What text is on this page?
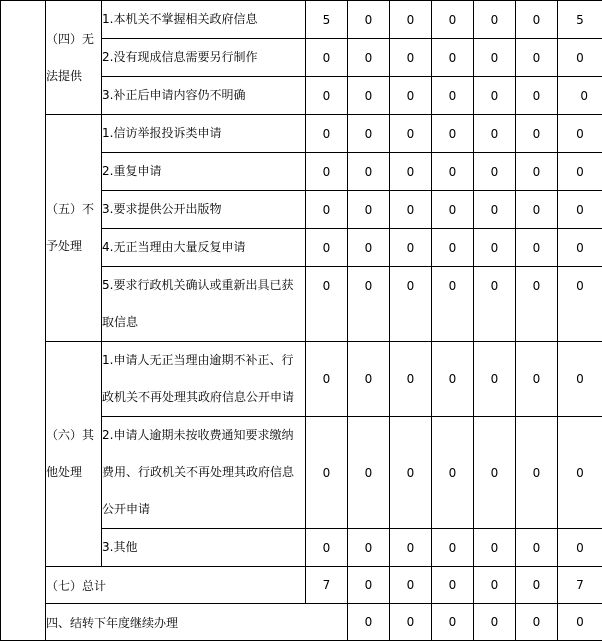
	（四）无法提供	1.本机关不掌握相关政府信息	5	0	0	0	0	0	5	
		2.没有现成信息需要另行制作	0	0	0	0	0	0	0	
		3.补正后申请内容仍不明确	0	0	0	0	0	0	0	
	（五）不予处理	1.信访举报投诉类申请	0	0	0	0	0	0	0	
		2.重复申请	0	0	0	0	0	0	0	
		3.要求提供公开出版物	0	0	0	0	0	0	0	
		4.无正当理由大量反复申请	0	0	0	0	0	0	0	
		5.要求行政机关确认或重新出具已获取信息	0	0	0	0	0	0	0	
	（六）其他处理	1.申请人无正当理由逾期不补正、行政机关不再处理其政府信息公开申请	0	0	0	0	0	0	0	
		2.申请人逾期未按收费通知要求缴纳费用、行政机关不再处理其政府信息公开申请	0	0	0	0	0	0	0	
		3.其他	0	0	0	0	0	0	0	
	（七）总计		7	0	0	0	0	0	7	
	四、结转下年度继续办理			0	0	0	0	0	0	
